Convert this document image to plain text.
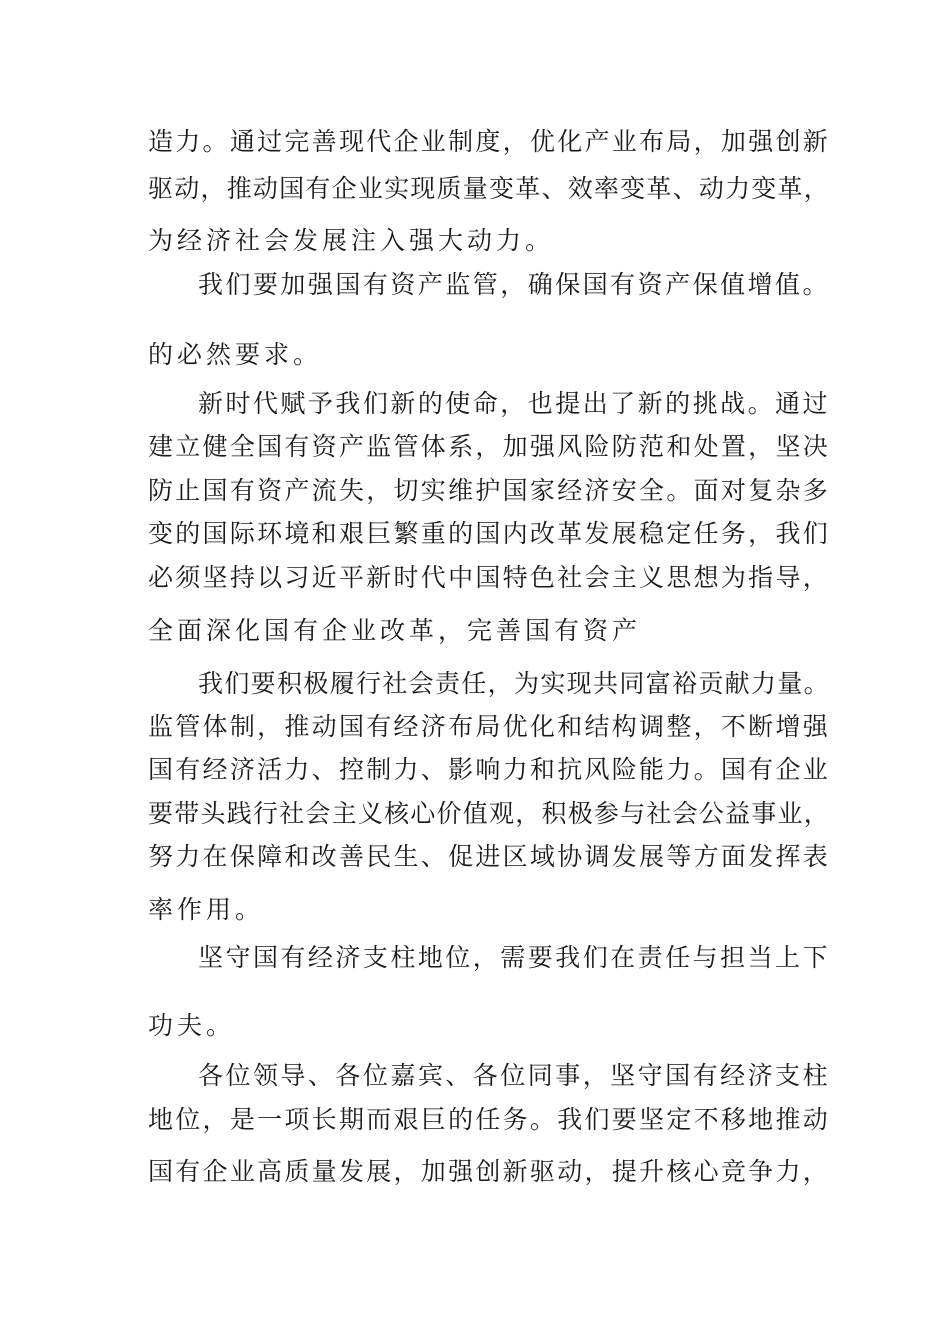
造力。通过完善现代企业制度，优化产业布局，加强创新

驱动，推动国有企业实现质量变革、效率变革、动力变革，

为经济社会发展注入强大动力。

我们要加强国有资产监管，确保国有资产保值增值。

的必然要求。

新时代赋予我们新的使命，也提出了新的挑战。通过

建立健全国有资产监管体系，加强风险防范和处置，坚决

防止国有资产流失，切实维护国家经济安全。面对复杂多

变的国际环境和艰巨繁重的国内改革发展稳定任务，我们

必须坚持以习近平新时代中国特色社会主义思想为指导，

全面深化国有企业改革，完善国有资产

我们要积极履行社会责任，为实现共同富裕贡献力量。

监管体制，推动国有经济布局优化和结构调整，不断增强

国有经济活力、控制力、影响力和抗风险能力。国有企业

要带头践行社会主义核心价值观，积极参与社会公益事业，

努力在保障和改善民生、促进区域协调发展等方面发挥表

率作用。

坚守国有经济支柱地位，需要我们在责任与担当上下

功夫。

各位领导、各位嘉宾、各位同事，坚守国有经济支柱

地位，是一项长期而艰巨的任务。我们要坚定不移地推动

国有企业高质量发展，加强创新驱动，提升核心竞争力，
